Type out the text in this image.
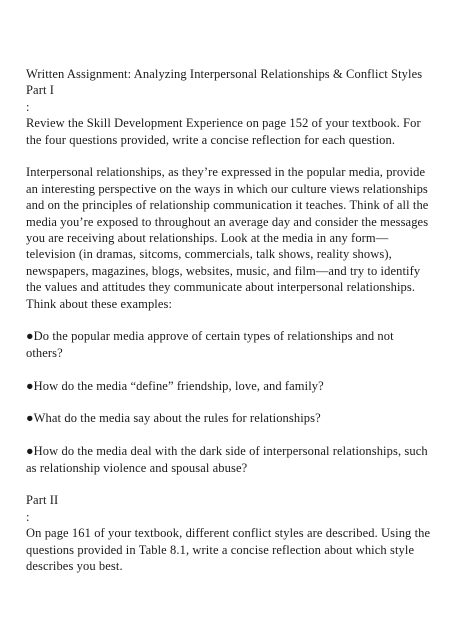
Written Assignment: Analyzing Interpersonal Relationships & Conflict Styles

Part I

:

Review the Skill Development Experience on page 152 of your textbook. For the four questions provided, write a concise reflection for each question.

Interpersonal relationships, as they’re expressed in the popular media, provide an interesting perspective on the ways in which our culture views relationships and on the principles of relationship communication it teaches. Think of all the media you’re exposed to throughout an average day and consider the messages you are receiving about relationships. Look at the media in any form—television (in dramas, sitcoms, commercials, talk shows, reality shows), newspapers, magazines, blogs, websites, music, and film—and try to identify the values and attitudes they communicate about interpersonal relationships. Think about these examples:

●Do the popular media approve of certain types of relationships and not others?

●How do the media “define” friendship, love, and family?

●What do the media say about the rules for relationships?

●How do the media deal with the dark side of interpersonal relationships, such as relationship violence and spousal abuse?

Part II

:

On page 161 of your textbook, different conflict styles are described. Using the questions provided in Table 8.1, write a concise reflection about which style describes you best.
